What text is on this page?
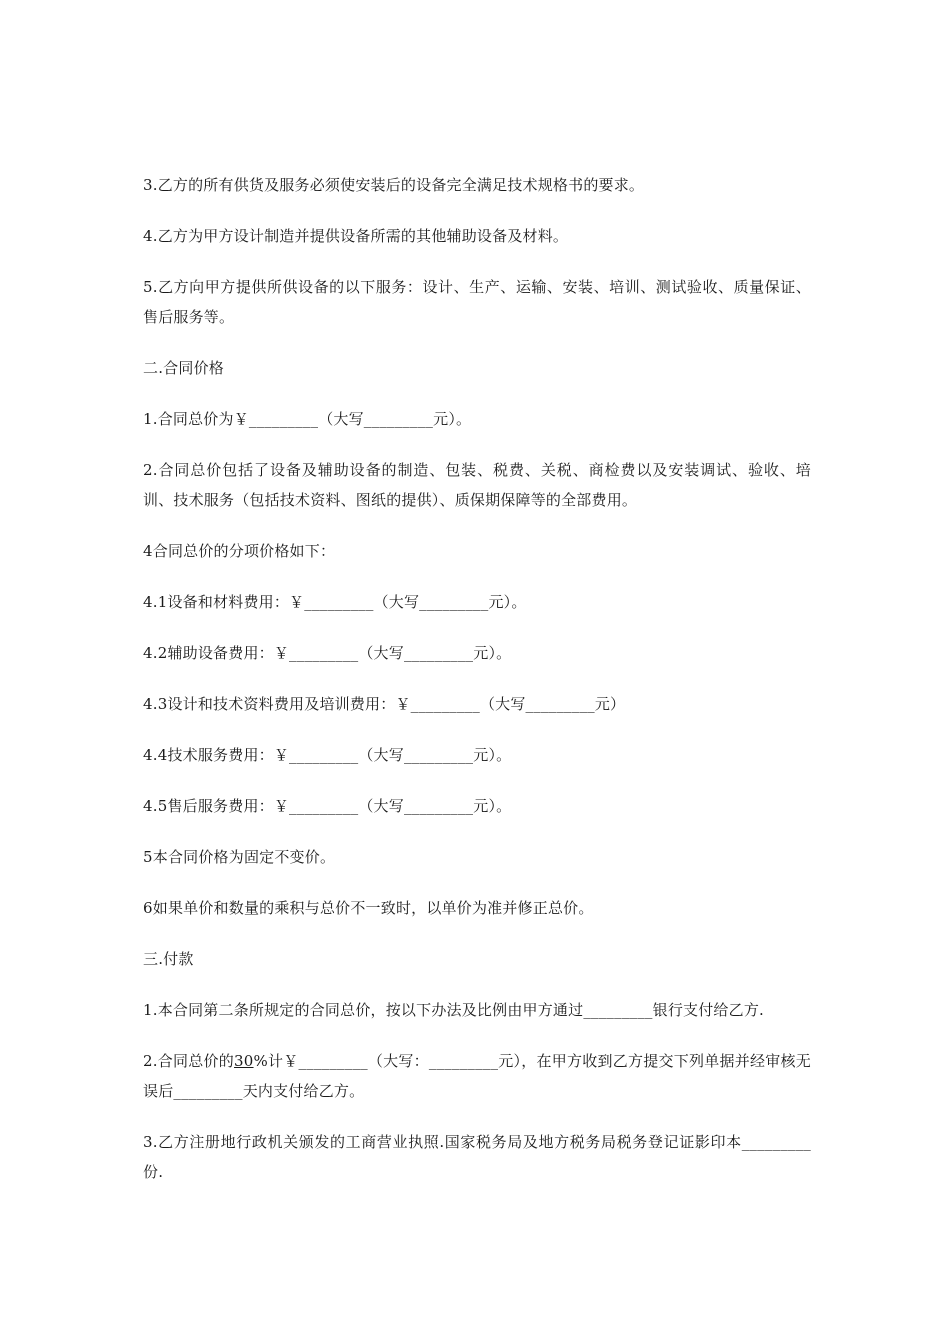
3.乙方的所有供货及服务必须使安装后的设备完全满足技术规格书的要求。

4.乙方为甲方设计制造并提供设备所需的其他辅助设备及材料。

5.乙方向甲方提供所供设备的以下服务：设计、生产、运输、安装、培训、测试验收、质量保证、售后服务等。

二.合同价格

1.合同总价为￥_________（大写_________元）。

2.合同总价包括了设备及辅助设备的制造、包装、税费、关税、商检费以及安装调试、验收、培训、技术服务（包括技术资料、图纸的提供）、质保期保障等的全部费用。

4合同总价的分项价格如下：

4.1设备和材料费用：￥_________（大写_________元）。

4.2辅助设备费用：￥_________（大写_________元）。

4.3设计和技术资料费用及培训费用：￥_________（大写_________元）

4.4技术服务费用：￥_________（大写_________元）。

4.5售后服务费用：￥_________（大写_________元）。

5本合同价格为固定不变价。

6如果单价和数量的乘积与总价不一致时，以单价为准并修正总价。

三.付款

1.本合同第二条所规定的合同总价，按以下办法及比例由甲方通过_________银行支付给乙方.

2.合同总价的30%计￥_________（大写：_________元），在甲方收到乙方提交下列单据并经审核无误后_________天内支付给乙方。

3.乙方注册地行政机关颁发的工商营业执照.国家税务局及地方税务局税务登记证影印本_________份.
